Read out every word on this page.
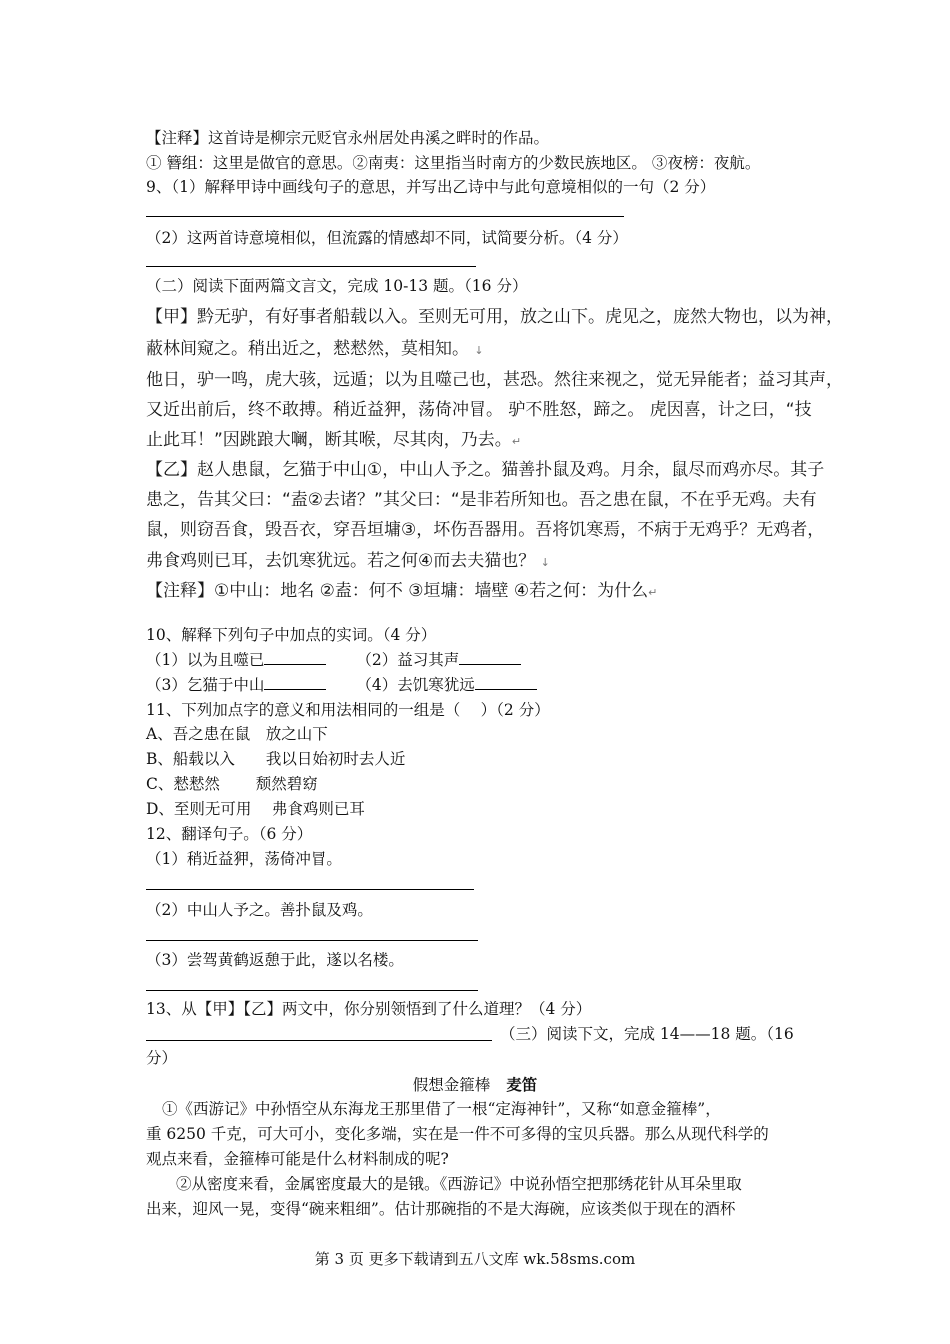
【注释】这首诗是柳宗元贬官永州居处冉溪之畔时的作品。
① 簪组：这里是做官的意思。②南夷：这里指当时南方的少数民族地区。 ③夜榜：夜航。
9、（1）解释甲诗中画线句子的意思，并写出乙诗中与此句意境相似的一句（2 分）
（2）这两首诗意境相似，但流露的情感却不同，试简要分析。（4 分）
（二）阅读下面两篇文言文，完成 10-13 题。（16 分）
【甲】黔无驴，有好事者船载以入。至则无可用，放之山下。虎见之，庞然大物也，以为神，
蔽林间窥之。稍出近之，慭慭然，莫相知。 ↓
他日，驴一鸣，虎大骇，远遁；以为且噬己也，甚恐。然往来视之，觉无异能者；益习其声，
又近出前后，终不敢搏。稍近益狎，荡倚冲冒。 驴不胜怒，蹄之。 虎因喜，计之曰，“技
止此耳！”因跳踉大㘎，断其喉，尽其肉，乃去。↵
【乙】赵人患鼠，乞猫于中山①，中山人予之。猫善扑鼠及鸡。月余，鼠尽而鸡亦尽。其子
患之，告其父曰：“盍②去诸？”其父曰：“是非若所知也。吾之患在鼠，不在乎无鸡。夫有
鼠，则窃吾食，毁吾衣，穿吾垣墉③，坏伤吾器用。吾将饥寒焉，不病于无鸡乎？无鸡者，
弗食鸡则已耳，去饥寒犹远。若之何④而去夫猫也？ ↓
【注释】①中山：地名 ②盍：何不 ③垣墉：墙壁 ④若之何：为什么↵
10、解释下列句子中加点的实词。（4 分）
（1）以为且噬已	（2）益习其声
（3）乞猫于中山	（4）去饥寒犹远
11、下列加点字的意义和用法相同的一组是（　 ）（2 分）
A、吾之患在鼠　放之山下
B、船载以入　　我以日始初时去人近
C、慭慭然　　 颓然碧窈
D、至则无可用　 弗食鸡则已耳
12、翻译句子。（6 分）
（1）稍近益狎，荡倚冲冒。
（2）中山人予之。善扑鼠及鸡。
（3）尝驾黄鹤返憩于此，遂以名楼。
13、从【甲】【乙】两文中，你分别领悟到了什么道理？（4 分）
（三）阅读下文，完成 14——18 题。（16
分）
假想金箍棒 麦笛
①《西游记》中孙悟空从东海龙王那里借了一根“定海神针”，又称“如意金箍棒”，
重 6250 千克，可大可小，变化多端，实在是一件不可多得的宝贝兵器。那么从现代科学的
观点来看，金箍棒可能是什么材料制成的呢?
②从密度来看，金属密度最大的是锇。《西游记》中说孙悟空把那绣花针从耳朵里取
出来，迎风一晃，变得“碗来粗细”。估计那碗指的不是大海碗，应该类似于现在的酒杯
第 3 页 更多下载请到五八文库 wk.58sms.com
